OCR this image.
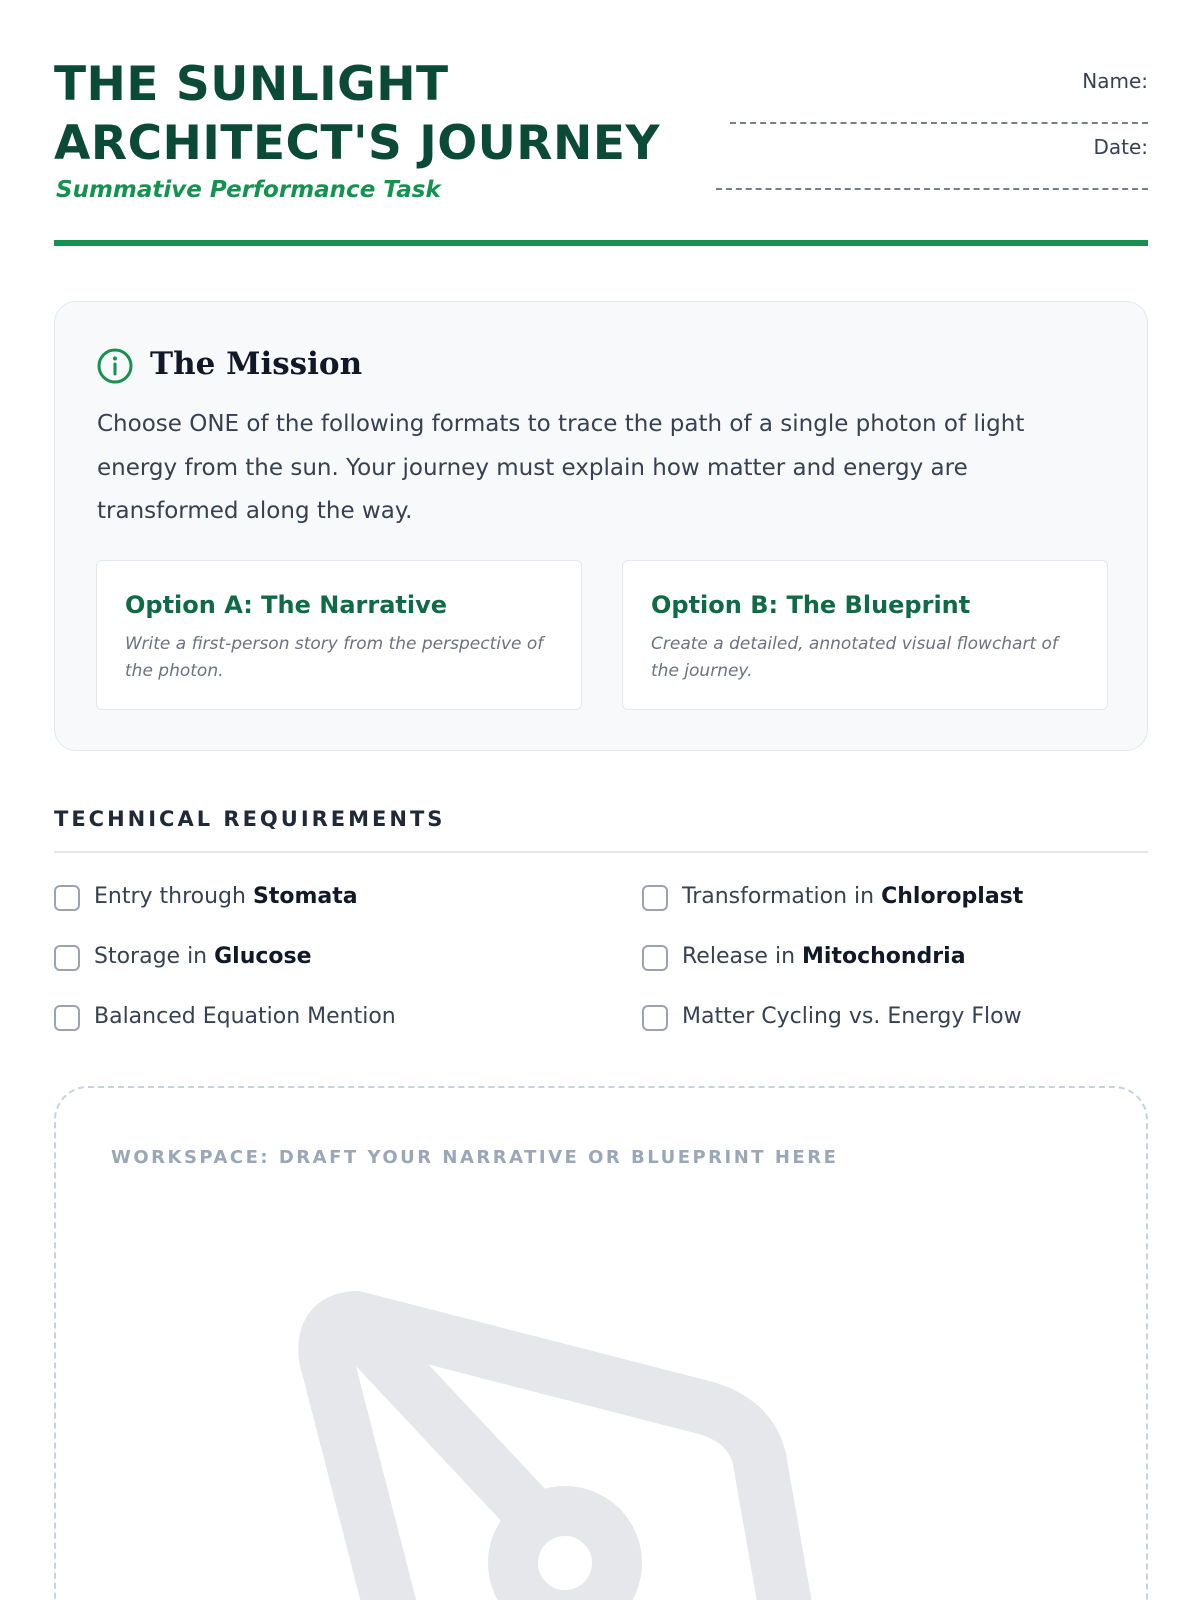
THE SUNLIGHT ARCHITECT'S JOURNEY
Summative Performance Task
Name:
Date:
The Mission
Choose ONE of the following formats to trace the path of a single photon of light energy from the sun. Your journey must explain how matter and energy are transformed along the way.
Option A: The Narrative
Write a first-person story from the perspective of the photon.
Option B: The Blueprint
Create a detailed, annotated visual flowchart of the journey.
TECHNICAL REQUIREMENTS
Entry through Stomata	Transformation in Chloroplast
Storage in Glucose	Release in Mitochondria
Balanced Equation Mention	Matter Cycling vs. Energy Flow
WORKSPACE: DRAFT YOUR NARRATIVE OR BLUEPRINT HERE
